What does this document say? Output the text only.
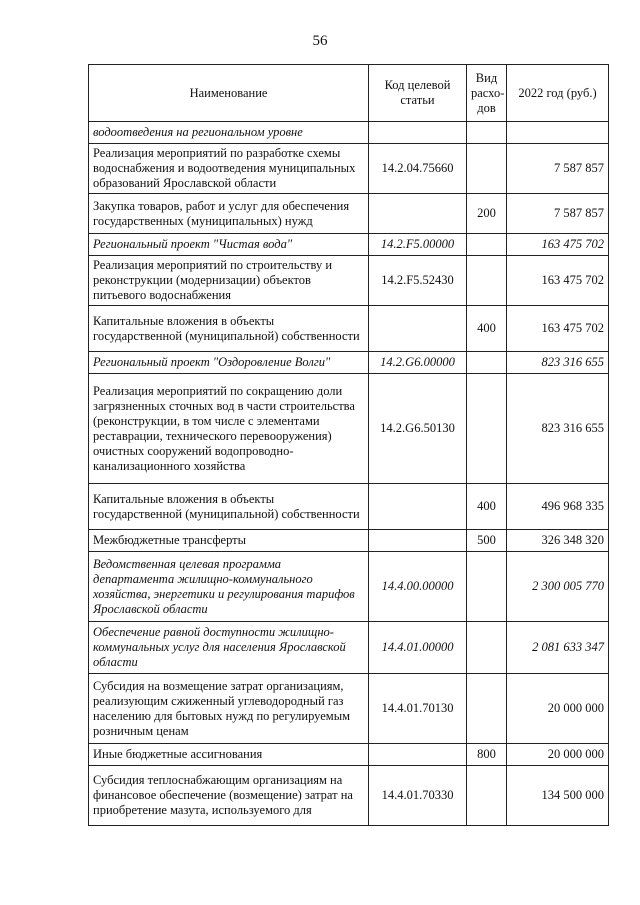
56
Наименование	Код целевой статьи	Вид расхо-дов	2022 год (руб.)
водоотведения на региональном уровне			
Реализация мероприятий по разработке схемы водоснабжения и водоотведения муниципальных образований Ярославской области	14.2.04.75660		7 587 857
Закупка товаров, работ и услуг для обеспечения государственных (муниципальных) нужд		200	7 587 857
Региональный проект "Чистая вода"	14.2.F5.00000		163 475 702
Реализация мероприятий по строительству и реконструкции (модернизации) объектов питьевого водоснабжения	14.2.F5.52430		163 475 702
Капитальные вложения в объекты государственной (муниципальной) собственности		400	163 475 702
Региональный проект "Оздоровление Волги"	14.2.G6.00000		823 316 655
Реализация мероприятий по сокращению доли загрязненных сточных вод в части строительства (реконструкции, в том числе с элементами реставрации, технического перевооружения) очистных сооружений водопроводно-канализационного хозяйства	14.2.G6.50130		823 316 655
Капитальные вложения в объекты государственной (муниципальной) собственности		400	496 968 335
Межбюджетные трансферты		500	326 348 320
Ведомственная целевая программа департамента жилищно-коммунального хозяйства, энергетики и регулирования тарифов Ярославской области	14.4.00.00000		2 300 005 770
Обеспечение равной доступности жилищно-коммунальных услуг для населения Ярославской области	14.4.01.00000		2 081 633 347
Субсидия на возмещение затрат организациям, реализующим сжиженный углеводородный газ населению для бытовых нужд по регулируемым розничным ценам	14.4.01.70130		20 000 000
Иные бюджетные ассигнования		800	20 000 000
Субсидия теплоснабжающим организациям на финансовое обеспечение (возмещение) затрат на приобретение мазута, используемого для	14.4.01.70330		134 500 000
